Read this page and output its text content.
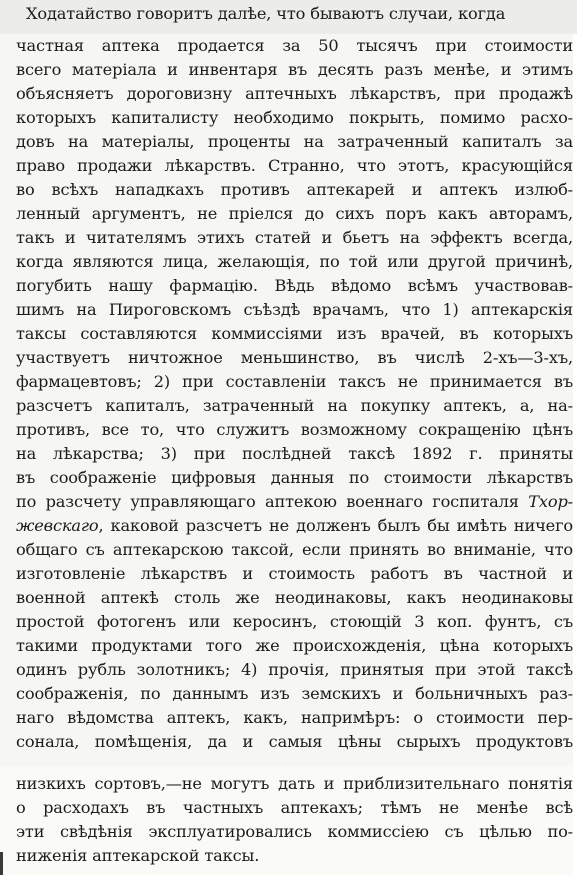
Ходатайство говоритъ далѣе, что бываютъ случаи, когда
частная аптека продается за 50 тысячъ при стоимости
всего матеріала и инвентаря въ десять разъ менѣе, и этимъ
объясняетъ дороговизну аптечныхъ лѣкарствъ, при продажѣ
которыхъ капиталисту необходимо покрыть, помимо расхо-
довъ на матеріалы, проценты на затраченный капиталъ за
право продажи лѣкарствъ. Странно, что этотъ, красующійся
во всѣхъ нападкахъ противъ аптекарей и аптекъ излюб-
ленный аргументъ, не прiелся до сихъ поръ какъ авторамъ,
такъ и читателямъ этихъ статей и бьетъ на эффектъ всегда,
когда являются лица, желающія, по той или другой причинѣ,
погубить нашу фармацію. Вѣдь вѣдомо всѣмъ участвовав-
шимъ на Пироговскомъ съѣздѣ врачамъ, что 1) аптекарскія
таксы составляются коммиссіями изъ врачей, въ которыхъ
участвуетъ ничтожное меньшинство, въ числѣ 2-хъ—3-хъ,
фармацевтовъ; 2) при составленіи таксъ не принимается въ
разсчетъ капиталъ, затраченный на покупку аптекъ, а, на-
противъ, все то, что служитъ возможному сокращенію цѣнъ
на лѣкарства; 3) при послѣдней таксѣ 1892 г. приняты
въ соображеніе цифровыя данныя по стоимости лѣкарствъ
по разсчету управляющаго аптекою военнаго госпиталя Тхор-
жевскаго, каковой разсчетъ не долженъ былъ бы имѣть ничего
общаго съ аптекарскою таксой, если принять во вниманіе, что
изготовленіе лѣкарствъ и стоимость работъ въ частной и
военной аптекѣ столь же неодинаковы, какъ неодинаковы
простой фотогенъ или керосинъ, стоющій 3 коп. фунтъ, съ
такими продуктами того же происхожденія, цѣна которыхъ
одинъ рубль золотникъ; 4) прочія, принятыя при этой таксѣ
соображенія, по даннымъ изъ земскихъ и больничныхъ раз-
наго вѣдомства аптекъ, какъ, напримѣръ: о стоимости пер-
сонала, помѣщенія, да и самыя цѣны сырыхъ продуктовъ
низкихъ сортовъ,—не могутъ дать и приблизительнаго понятія
о расходахъ въ частныхъ аптекахъ; тѣмъ не менѣе всѣ
эти свѣдѣнія эксплуатировались коммиссіею съ цѣлью по-
ниженія аптекарской таксы.
